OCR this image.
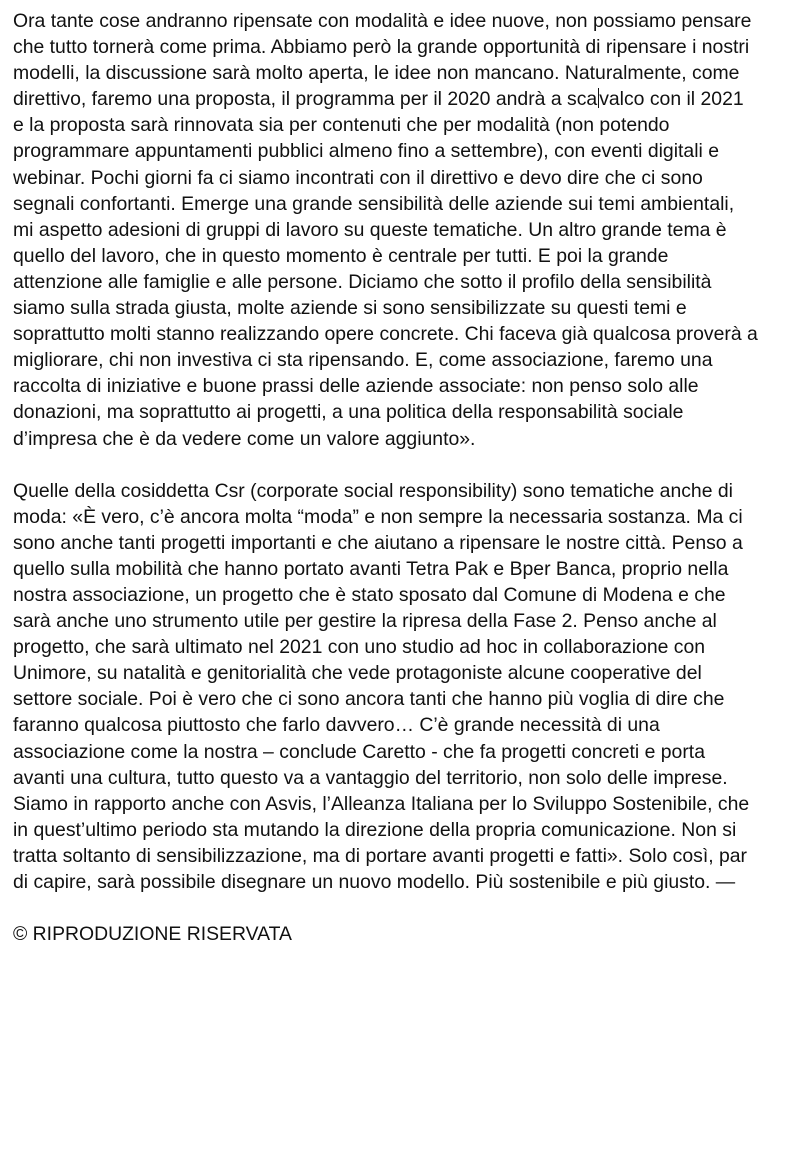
Ora tante cose andranno ripensate con modalità e idee nuove, non possiamo pensare che tutto tornerà come prima. Abbiamo però la grande opportunità di ripensare i nostri modelli, la discussione sarà molto aperta, le idee non mancano. Naturalmente, come direttivo, faremo una proposta, il programma per il 2020 andrà a sca valco con il 2021 e la proposta sarà rinnovata sia per contenuti che per modalità (non potendo programmare appuntamenti pubblici almeno fino a settembre), con eventi digitali e webinar. Pochi giorni fa ci siamo incontrati con il direttivo e devo dire che ci sono segnali confortanti. Emerge una grande sensibilità delle aziende sui temi ambientali, mi aspetto adesioni di gruppi di lavoro su queste tematiche. Un altro grande tema è quello del lavoro, che in questo momento è centrale per tutti. E poi la grande attenzione alle famiglie e alle persone. Diciamo che sotto il profilo della sensibilità siamo sulla strada giusta, molte aziende si sono sensibilizzate su questi temi e soprattutto molti stanno realizzando opere concrete. Chi faceva già qualcosa proverà a migliorare, chi non investiva ci sta ripensando. E, come associazione, faremo una raccolta di iniziative e buone prassi delle aziende associate: non penso solo alle donazioni, ma soprattutto ai progetti, a una politica della responsabilità sociale d’impresa che è da vedere come un valore aggiunto».

Quelle della cosiddetta Csr (corporate social responsibility) sono tematiche anche di moda: «È vero, c’è ancora molta “moda” e non sempre la necessaria sostanza. Ma ci sono anche tanti progetti importanti e che aiutano a ripensare le nostre città. Penso a quello sulla mobilità che hanno portato avanti Tetra Pak e Bper Banca, proprio nella nostra associazione, un progetto che è stato sposato dal Comune di Modena e che sarà anche uno strumento utile per gestire la ripresa della Fase 2. Penso anche al progetto, che sarà ultimato nel 2021 con uno studio ad hoc in collaborazione con Unimore, su natalità e genitorialità che vede protagoniste alcune cooperative del settore sociale. Poi è vero che ci sono ancora tanti che hanno più voglia di dire che faranno qualcosa piuttosto che farlo davvero… C’è grande necessità di una associazione come la nostra – conclude Caretto - che fa progetti concreti e porta avanti una cultura, tutto questo va a vantaggio del territorio, non solo delle imprese. Siamo in rapporto anche con Asvis, l’Alleanza Italiana per lo Sviluppo Sostenibile, che in quest’ultimo periodo sta mutando la direzione della propria comunicazione. Non si tratta soltanto di sensibilizzazione, ma di portare avanti progetti e fatti». Solo così, par di capire, sarà possibile disegnare un nuovo modello. Più sostenibile e più giusto. —

© RIPRODUZIONE RISERVATA
